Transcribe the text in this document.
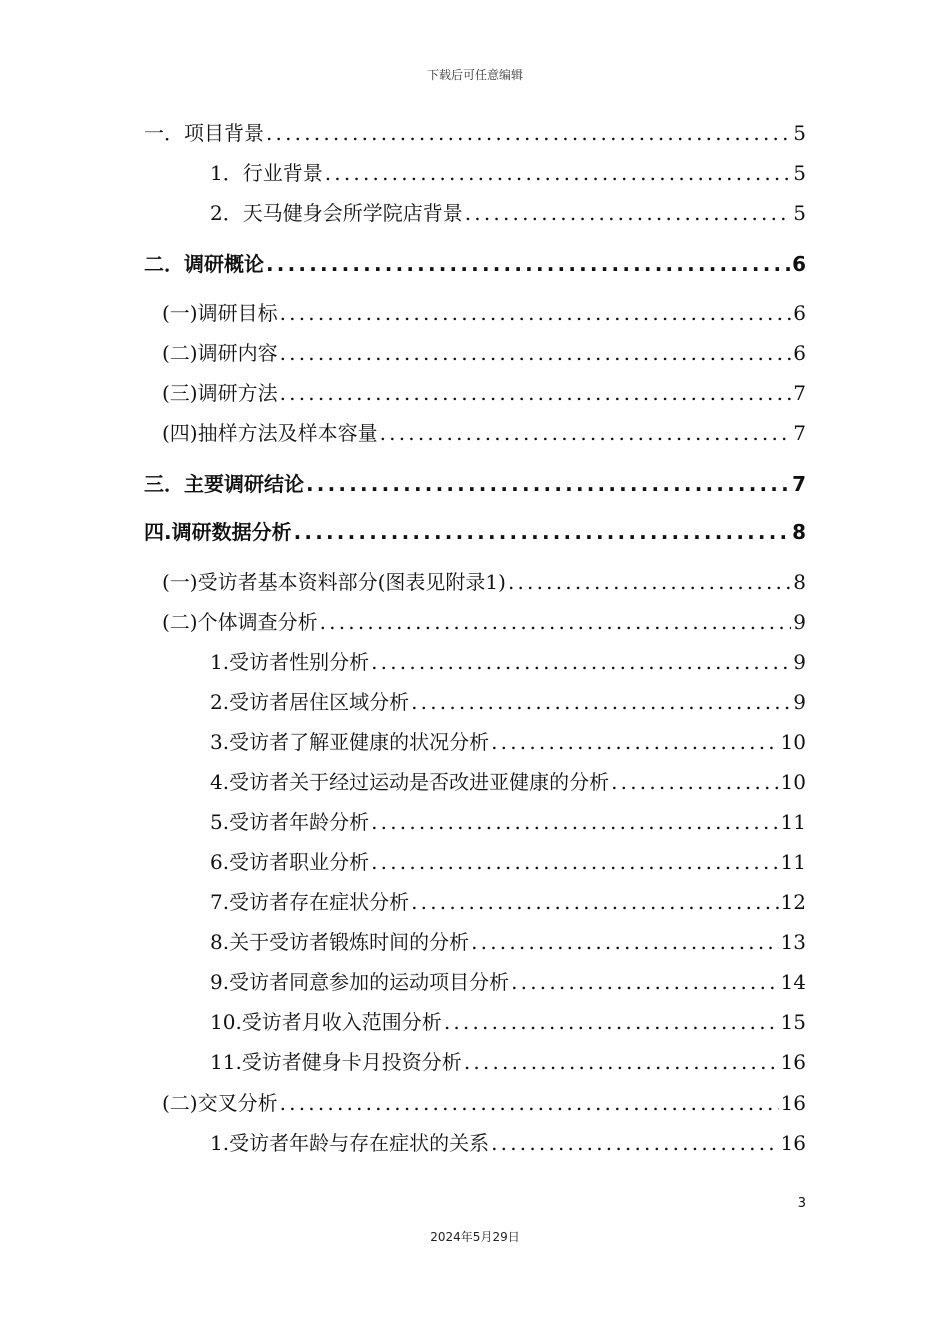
下载后可任意编辑
一．项目背景 .....	5
1．行业背景 .....	5
2．天马健身会所学院店背景 .....	5
二．调研概论 .....	6
(一)调研目标 .....	6
(二)调研内容 .....	6
(三)调研方法 .....	7
(四)抽样方法及样本容量 .....	7
三．主要调研结论 .....	7
四.调研数据分析 .....	8
(一)受访者基本资料部分(图表见附录1) .....	8
(二)个体调查分析 .....	9
1.受访者性别分析 .....	9
2.受访者居住区域分析 .....	9
3.受访者了解亚健康的状况分析 .....	10
4.受访者关于经过运动是否改进亚健康的分析 .....	10
5.受访者年龄分析 .....	11
6.受访者职业分析 .....	11
7.受访者存在症状分析 .....	12
8.关于受访者锻炼时间的分析 .....	13
9.受访者同意参加的运动项目分析 .....	14
10.受访者月收入范围分析 .....	15
11.受访者健身卡月投资分析 .....	16
(二)交叉分析 .....	16
1.受访者年龄与存在症状的关系 .....	16
3
2024年5月29日
